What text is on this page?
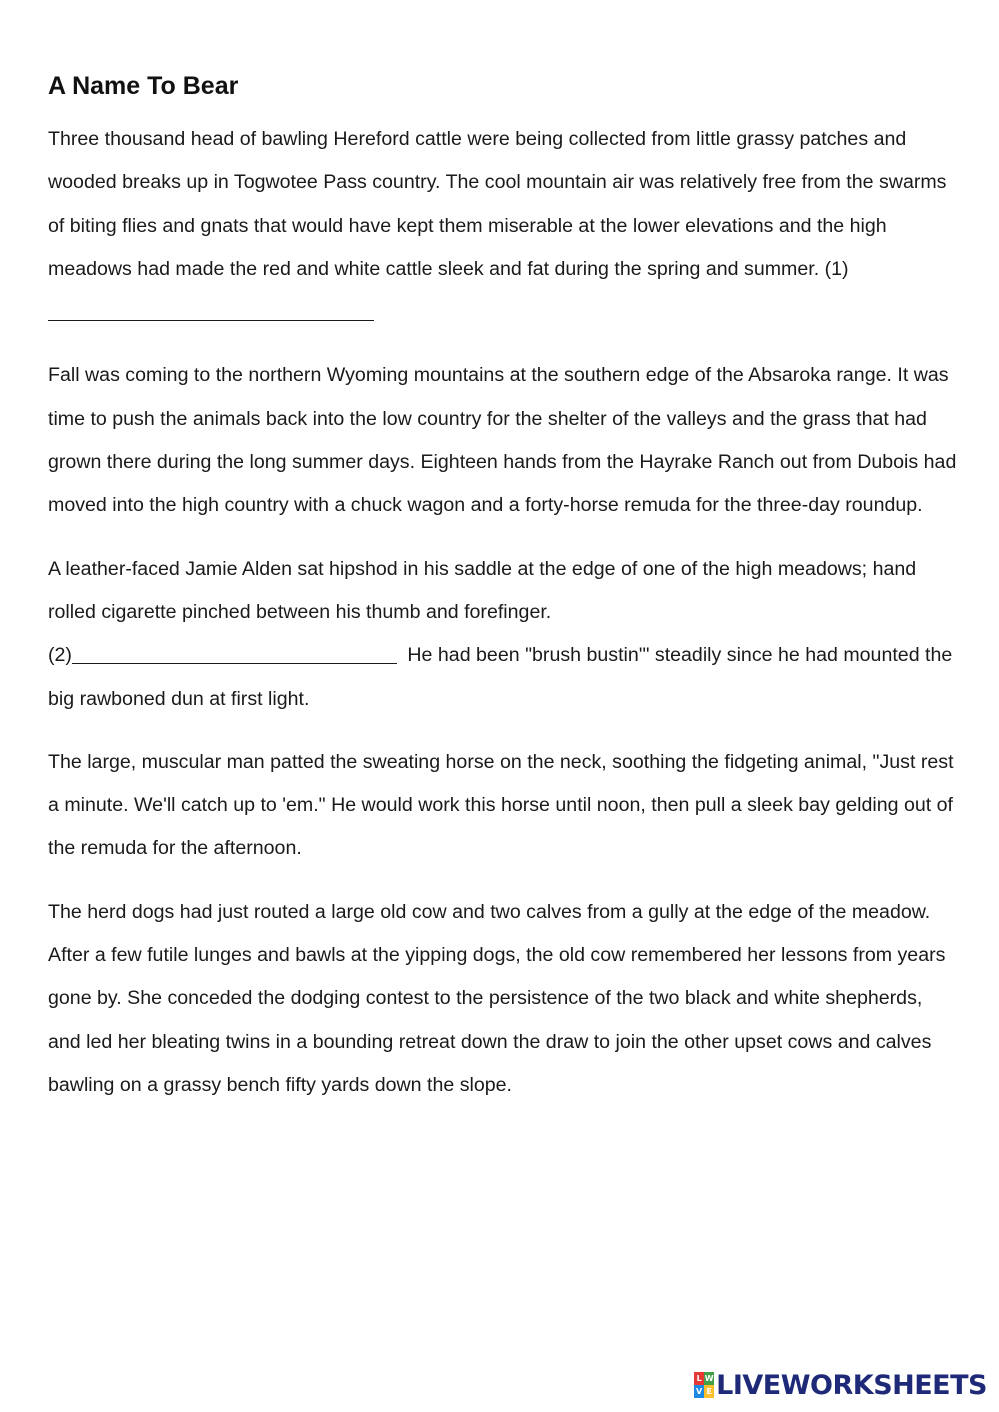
A Name To Bear

Three thousand head of bawling Hereford cattle were being collected from little grassy patches and wooded breaks up in Togwotee Pass country. The cool mountain air was relatively free from the swarms of biting flies and gnats that would have kept them miserable at the lower elevations and the high meadows had made the red and white cattle sleek and fat during the spring and summer. (1)

Fall was coming to the northern Wyoming mountains at the southern edge of the Absaroka range. It was time to push the animals back into the low country for the shelter of the valleys and the grass that had grown there during the long summer days. Eighteen hands from the Hayrake Ranch out from Dubois had moved into the high country with a chuck wagon and a forty-horse remuda for the three-day roundup.

A leather-faced Jamie Alden sat hipshod in his saddle at the edge of one of the high meadows; hand rolled cigarette pinched between his thumb and forefinger.
(2)	He had been "brush bustin'" steadily since he had mounted the big rawboned dun at first light.

The large, muscular man patted the sweating horse on the neck, soothing the fidgeting animal, "Just rest a minute. We'll catch up to 'em." He would work this horse until noon, then pull a sleek bay gelding out of the remuda for the afternoon.

The herd dogs had just routed a large old cow and two calves from a gully at the edge of the meadow. After a few futile lunges and bawls at the yipping dogs, the old cow remembered her lessons from years gone by. She conceded the dodging contest to the persistence of the two black and white shepherds, and led her bleating twins in a bounding retreat down the draw to join the other upset cows and calves bawling on a grassy bench fifty yards down the slope.

L W
V E LIVEWORKSHEETS
